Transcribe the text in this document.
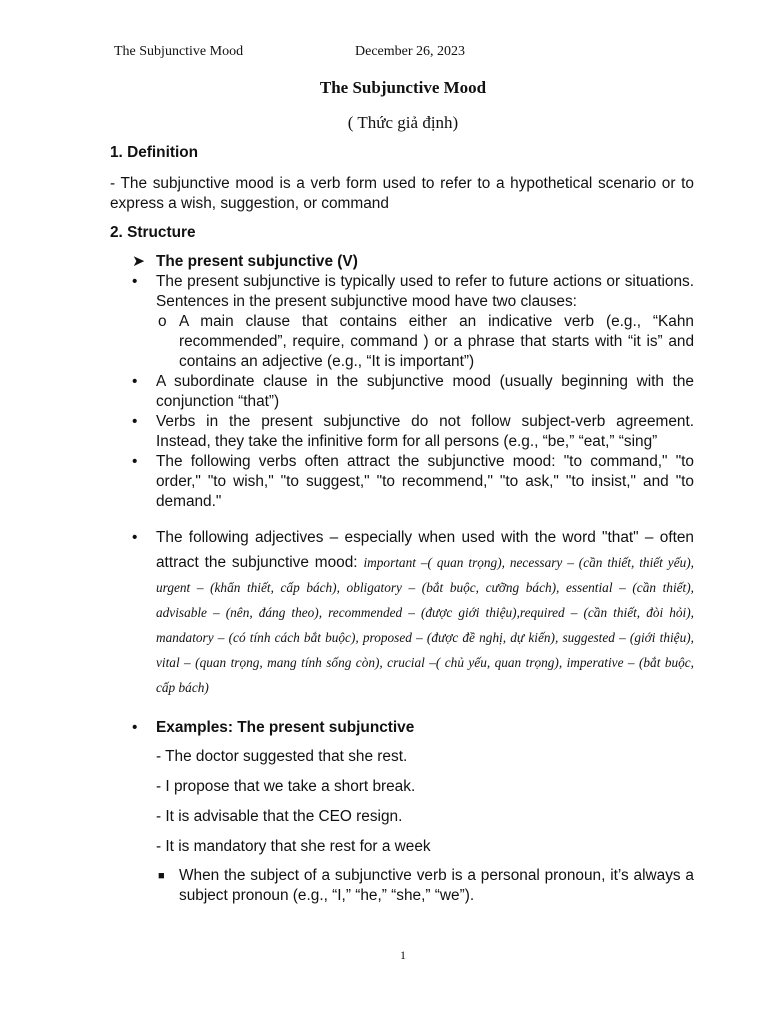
The Subjunctive Mood	December 26, 2023
The Subjunctive Mood
( Thức giả định)

1. Definition

- The subjunctive mood is a verb form used to refer to a hypothetical scenario or to express a wish, suggestion, or command

2. Structure

➤ The present subjunctive (V)
• The present subjunctive is typically used to refer to future actions or situations. Sentences in the present subjunctive mood have two clauses:
o A main clause that contains either an indicative verb (e.g., “Kahn recommended”, require, command ) or a phrase that starts with “it is” and contains an adjective (e.g., “It is important”)
• A subordinate clause in the subjunctive mood (usually beginning with the conjunction “that”)
• Verbs in the present subjunctive do not follow subject-verb agreement. Instead, they take the infinitive form for all persons (e.g., “be,” “eat,” “sing”
• The following verbs often attract the subjunctive mood: "to command," "to order," "to wish," "to suggest," "to recommend," "to ask," "to insist," and "to demand."
• The following adjectives – especially when used with the word "that" – often attract the subjunctive mood: important –( quan trọng), necessary – (cần thiết, thiết yếu), urgent – (khẩn thiết, cấp bách), obligatory – (bắt buộc, cưỡng bách), essential – (cần thiết), advisable – (nên, đáng theo), recommended – (được giới thiệu),required – (cần thiết, đòi hỏi), mandatory – (có tính cách bắt buộc), proposed – (được đề nghị, dự kiến), suggested – (giới thiệu), vital – (quan trọng, mang tính sống còn), crucial –( chủ yếu, quan trọng), imperative – (bắt buộc, cấp bách)
• Examples: The present subjunctive

- The doctor suggested that she rest.

- I propose that we take a short break.

- It is advisable that the CEO resign.

- It is mandatory that she rest for a week

■ When the subject of a subjunctive verb is a personal pronoun, it’s always a subject pronoun (e.g., “I,” “he,” “she,” “we”).
1
